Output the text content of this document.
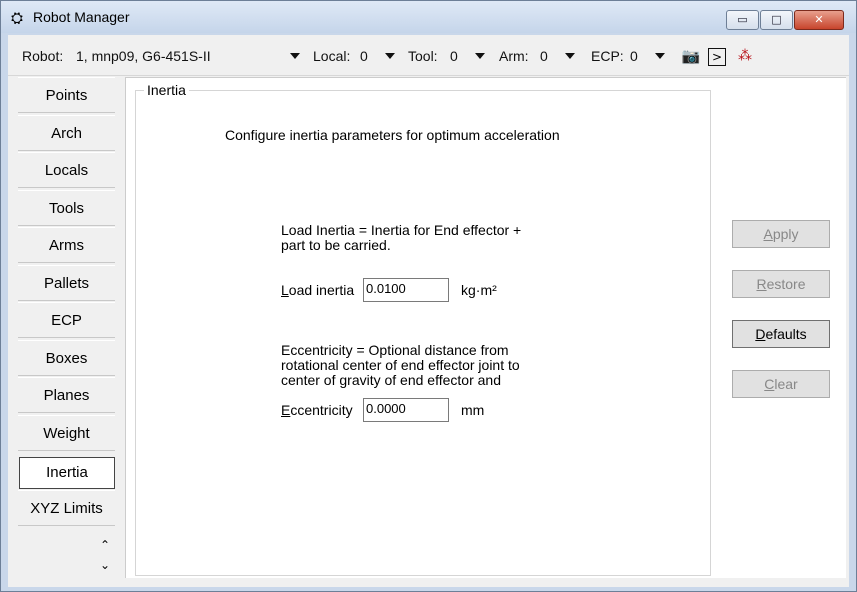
⛭ Robot Manager	▭	□	✕
Robot: 1, mnp09, G6-451S-II	Local: 0	Tool: 0	Arm: 0	ECP: 0	📷 > ⁂
Points
Arch
Locals
Tools
Arms
Pallets
ECP
Boxes
Planes
Weight
Inertia
XYZ Limits
⌃
⌄
Inertia
Configure inertia parameters for optimum acceleration
Load Inertia = Inertia for End effector +
part to be carried.
Load inertia 0.0100	kg·m²
Eccentricity = Optional distance from
rotational center of end effector joint to
center of gravity of end effector and
Eccentricity 0.0000	mm
Apply
Restore
Defaults
Clear
